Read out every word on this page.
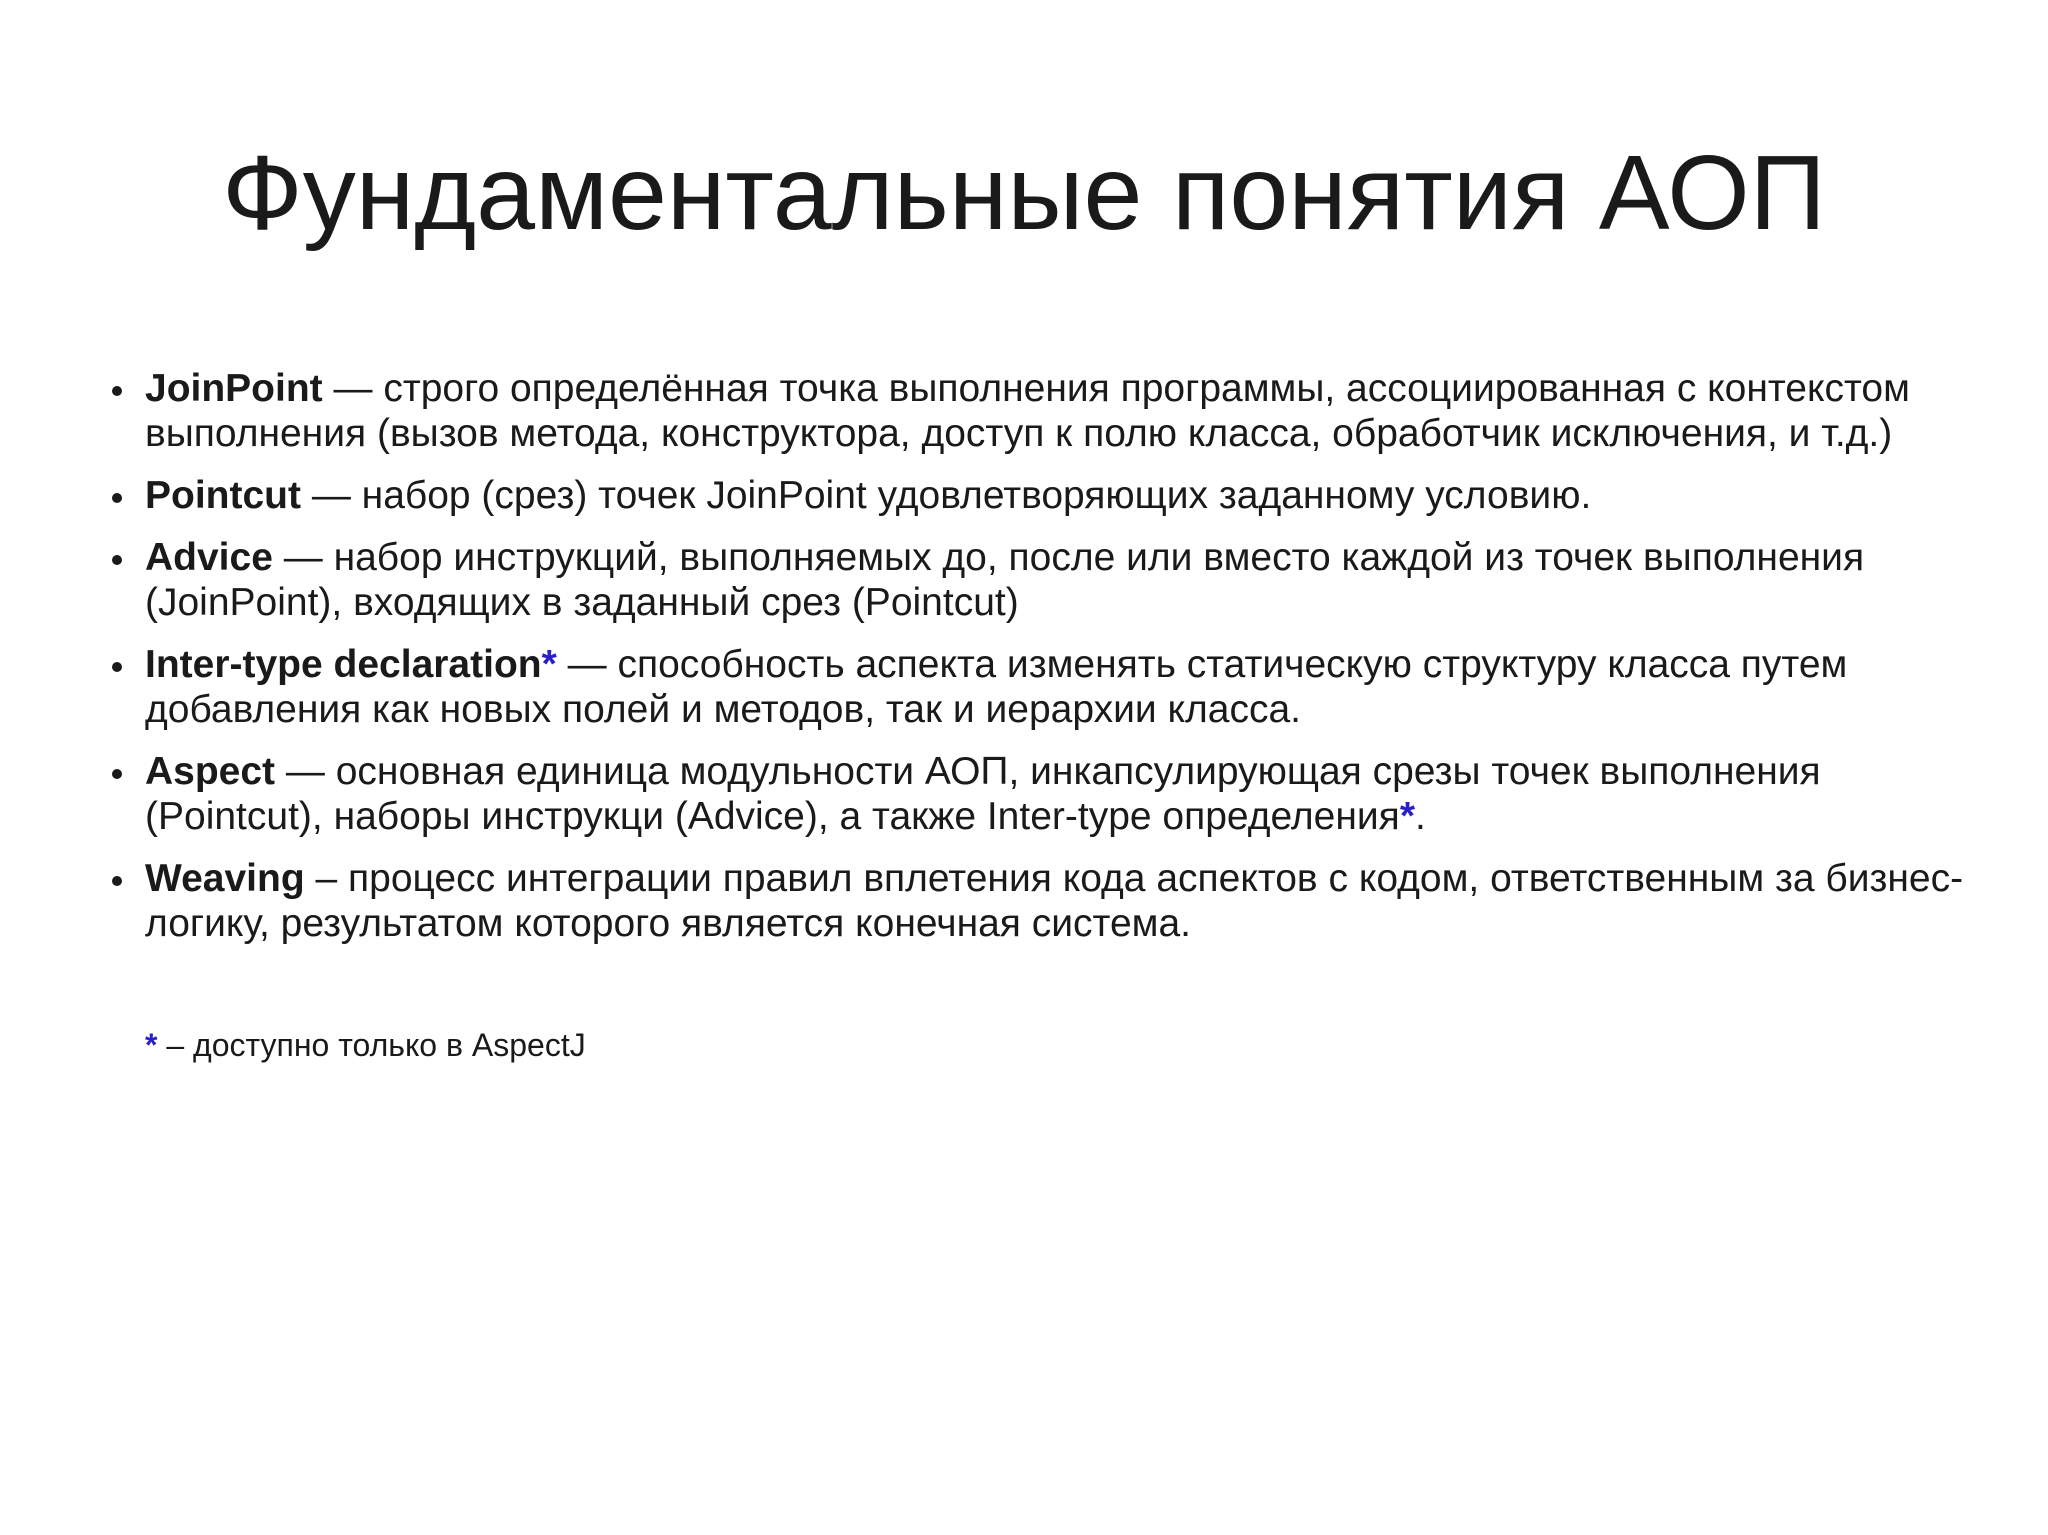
Фундаментальные понятия АОП
JoinPoint — строго определённая точка выполнения программы, ассоциированная с контекстом выполнения (вызов метода, конструктора, доступ к полю класса, обработчик исключения, и т.д.)
Pointcut — набор (срез) точек JoinPoint удовлетворяющих заданному условию.
Advice — набор инструкций, выполняемых до, после или вместо каждой из точек выполнения (JoinPoint), входящих в заданный срез (Pointcut)
Inter-type declaration* — способность аспекта изменять статическую структуру класса путем добавления как новых полей и методов, так и иерархии класса.
Aspect — основная единица модульности АОП, инкапсулирующая срезы точек выполнения (Pointcut), наборы инструкци (Advice), а также Inter-type определения*.
Weaving – процесс интеграции правил вплетения кода аспектов с кодом, ответственным за бизнес-логику, результатом которого является конечная система.
* – доступно только в AspectJ
